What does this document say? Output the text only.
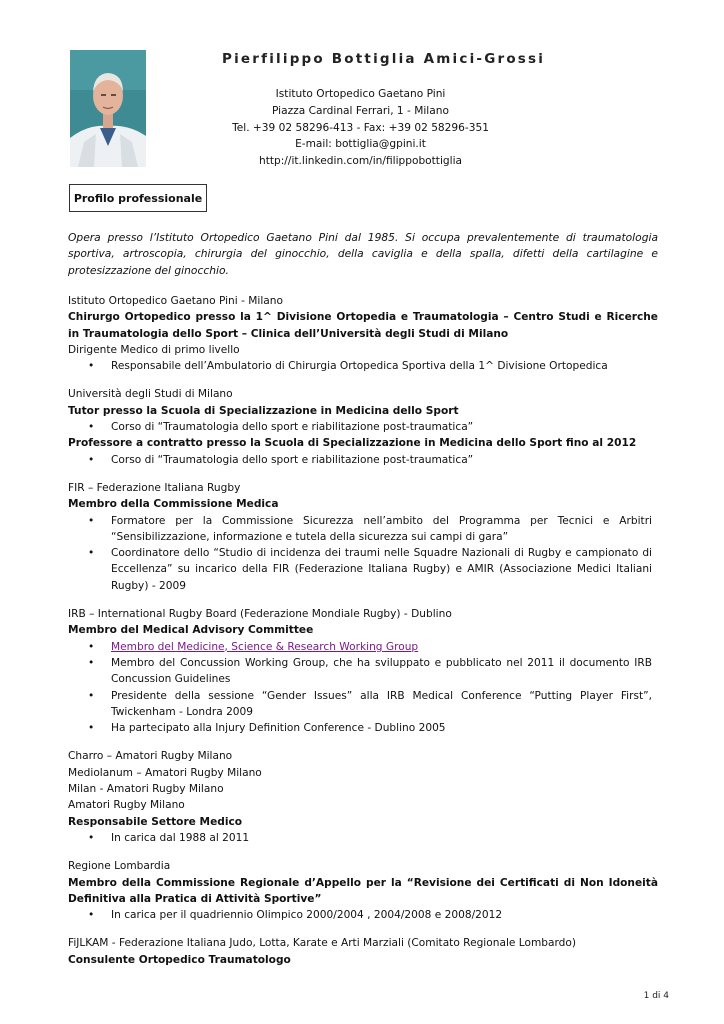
Pierfilippo Bottiglia Amici-Grossi
Istituto Ortopedico Gaetano Pini
Piazza Cardinal Ferrari, 1 - Milano
Tel. +39 02 58296-413 - Fax: +39 02 58296-351
E-mail: bottiglia@gpini.it
http://it.linkedin.com/in/filippobottiglia
Profilo professionale
Opera presso l’Istituto Ortopedico Gaetano Pini dal 1985. Si occupa prevalentemente di traumatologia sportiva, artroscopia, chirurgia del ginocchio, della caviglia e della spalla, difetti della cartilagine e protesizzazione del ginocchio.
Istituto Ortopedico Gaetano Pini - Milano
Chirurgo Ortopedico presso la 1^ Divisione Ortopedia e Traumatologia – Centro Studi e Ricerche in Traumatologia dello Sport – Clinica dell’Università degli Studi di Milano
Dirigente Medico di primo livello
• Responsabile dell’Ambulatorio di Chirurgia Ortopedica Sportiva della 1^ Divisione Ortopedica
Università degli Studi di Milano
Tutor presso la Scuola di Specializzazione in Medicina dello Sport
• Corso di “Traumatologia dello sport e riabilitazione post-traumatica”
Professore a contratto presso la Scuola di Specializzazione in Medicina dello Sport fino al 2012
• Corso di “Traumatologia dello sport e riabilitazione post-traumatica”
FIR – Federazione Italiana Rugby
Membro della Commissione Medica
• Formatore per la Commissione Sicurezza nell’ambito del Programma per Tecnici e Arbitri “Sensibilizzazione, informazione e tutela della sicurezza sui campi di gara”
• Coordinatore dello “Studio di incidenza dei traumi nelle Squadre Nazionali di Rugby e campionato di Eccellenza” su incarico della FIR (Federazione Italiana Rugby) e AMIR (Associazione Medici Italiani Rugby) - 2009
IRB – International Rugby Board (Federazione Mondiale Rugby) - Dublino
Membro del Medical Advisory Committee
• Membro del Medicine, Science & Research Working Group
• Membro del Concussion Working Group, che ha sviluppato e pubblicato nel 2011 il documento IRB Concussion Guidelines
• Presidente della sessione “Gender Issues” alla IRB Medical Conference “Putting Player First”, Twickenham - Londra 2009
• Ha partecipato alla Injury Definition Conference - Dublino 2005
Charro – Amatori Rugby Milano
Mediolanum – Amatori Rugby Milano
Milan - Amatori Rugby Milano
Amatori Rugby Milano
Responsabile Settore Medico
• In carica dal 1988 al 2011
Regione Lombardia
Membro della Commissione Regionale d’Appello per la “Revisione dei Certificati di Non Idoneità Definitiva alla Pratica di Attività Sportive”
• In carica per il quadriennio Olimpico 2000/2004 , 2004/2008 e 2008/2012
FiJLKAM - Federazione Italiana Judo, Lotta, Karate e Arti Marziali (Comitato Regionale Lombardo)
Consulente Ortopedico Traumatologo
1 di 4
